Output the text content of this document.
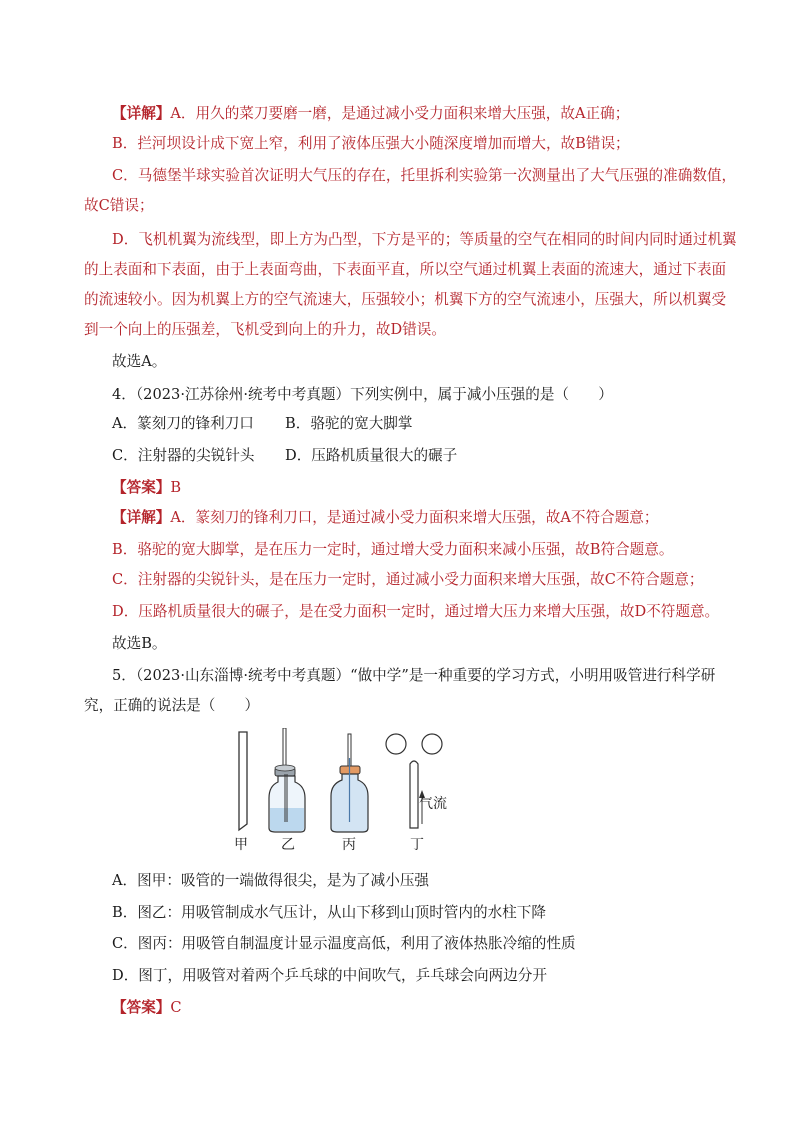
【详解】A．用久的菜刀要磨一磨，是通过减小受力面积来增大压强，故A正确；
B．拦河坝设计成下宽上窄，利用了液体压强大小随深度增加而增大，故B错误；
C．马德堡半球实验首次证明大气压的存在，托里拆利实验第一次测量出了大气压强的准确数值，
故C错误；
D．飞机机翼为流线型，即上方为凸型，下方是平的；等质量的空气在相同的时间内同时通过机翼
的上表面和下表面，由于上表面弯曲，下表面平直，所以空气通过机翼上表面的流速大，通过下表面
的流速较小。因为机翼上方的空气流速大，压强较小；机翼下方的空气流速小，压强大，所以机翼受
到一个向上的压强差，飞机受到向上的升力，故D错误。
故选A。
4．（2023·江苏徐州·统考中考真题）下列实例中，属于减小压强的是（　　）
A．篆刻刀的锋利刀口 B．骆驼的宽大脚掌
C．注射器的尖锐针头 D．压路机质量很大的碾子
【答案】B
【详解】A．篆刻刀的锋利刀口，是通过减小受力面积来增大压强，故A不符合题意；
B．骆驼的宽大脚掌，是在压力一定时，通过增大受力面积来减小压强，故B符合题意。
C．注射器的尖锐针头，是在压力一定时，通过减小受力面积来增大压强，故C不符合题意；
D．压路机质量很大的碾子，是在受力面积一定时，通过增大压力来增大压强，故D不符题意。
故选B。
5．（2023·山东淄博·统考中考真题）“做中学”是一种重要的学习方式，小明用吸管进行科学研
究，正确的说法是（　　）
气流
甲 乙	丙	丁
A．图甲：吸管的一端做得很尖，是为了减小压强
B．图乙：用吸管制成水气压计，从山下移到山顶时管内的水柱下降
C．图丙：用吸管自制温度计显示温度高低，利用了液体热胀冷缩的性质
D．图丁，用吸管对着两个乒乓球的中间吹气，乒乓球会向两边分开
【答案】C
